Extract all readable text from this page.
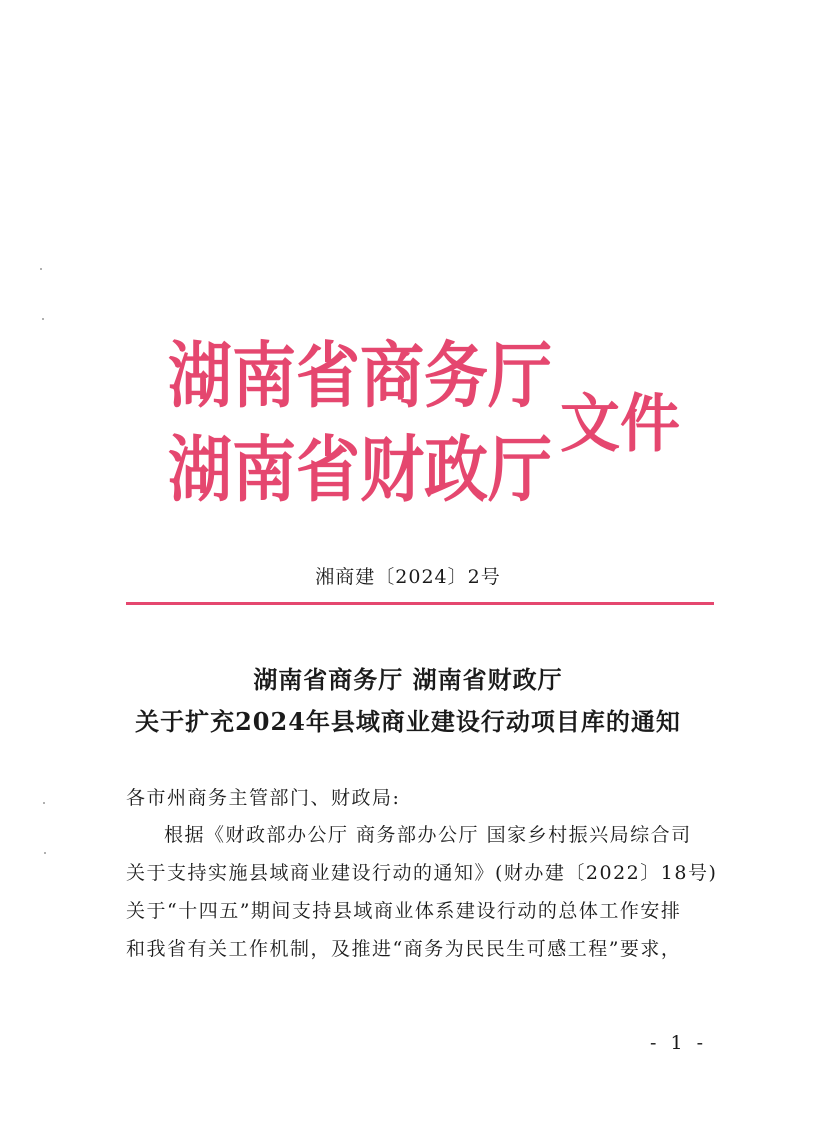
湖南省商务厅
湖南省财政厅
文件
湘商建〔2024〕2号
湖南省商务厅 湖南省财政厅
关于扩充2024年县域商业建设行动项目库的通知
各市州商务主管部门、财政局:
根据《财政部办公厅 商务部办公厅 国家乡村振兴局综合司
关于支持实施县域商业建设行动的通知》(财办建〔2022〕18号)
关于“十四五”期间支持县域商业体系建设行动的总体工作安排
和我省有关工作机制，及推进“商务为民民生可感工程”要求，
- 1 -
